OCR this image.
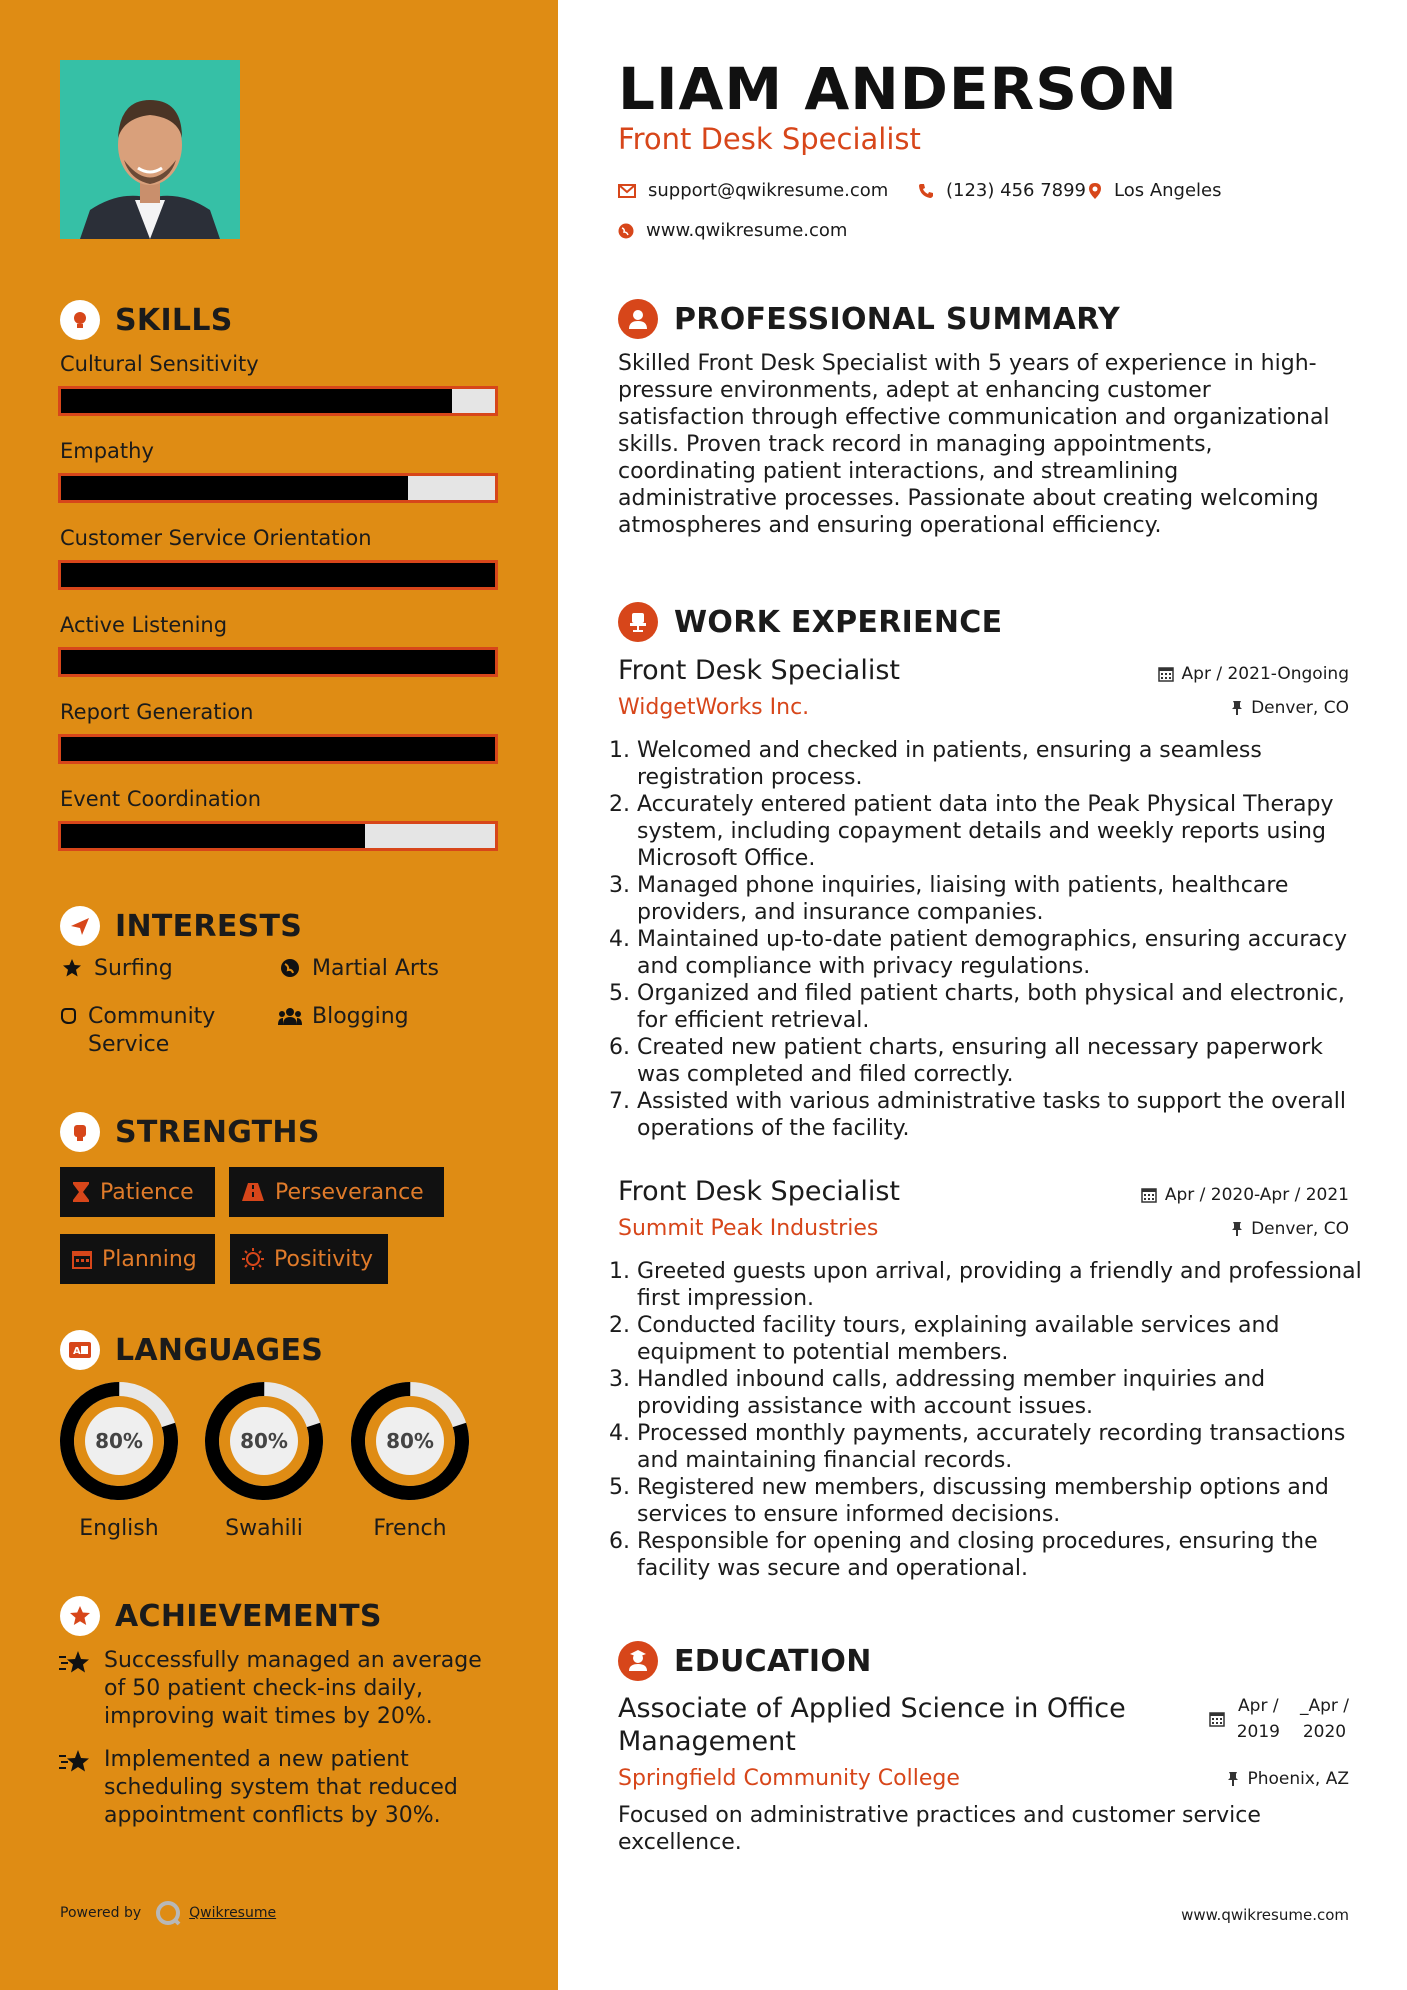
SKILLS
Cultural Sensitivity
Empathy
Customer Service Orientation
Active Listening
Report Generation
Event Coordination
INTERESTS
Surfing	Martial Arts
Community Service
Blogging
STRENGTHS
Patience	Perseverance
Planning	Positivity
A LANGUAGES
80%
English
80%
Swahili
80%
French
ACHIEVEMENTS
Successfully managed an average of 50 patient check-ins daily, improving wait times by 20%.
Implemented a new patient scheduling system that reduced appointment conflicts by 30%.
Powered by	Qwikresume
LIAM ANDERSON
Front Desk Specialist
support@qwikresume.com	(123) 456 7899 Los Angeles
www.qwikresume.com
PROFESSIONAL SUMMARY
Skilled Front Desk Specialist with 5 years of experience in high-pressure environments, adept at enhancing customer satisfaction through effective communication and organizational skills. Proven track record in managing appointments, coordinating patient interactions, and streamlining administrative processes. Passionate about creating welcoming atmospheres and ensuring operational efficiency.
WORK EXPERIENCE
Front Desk Specialist	Apr / 2021-Ongoing
WidgetWorks Inc.	Denver, CO
1. Welcomed and checked in patients, ensuring a seamless registration process.
2. Accurately entered patient data into the Peak Physical Therapy system, including copayment details and weekly reports using Microsoft Office.
3. Managed phone inquiries, liaising with patients, healthcare providers, and insurance companies.
4. Maintained up-to-date patient demographics, ensuring accuracy and compliance with privacy regulations.
5. Organized and filed patient charts, both physical and electronic, for efficient retrieval.
6. Created new patient charts, ensuring all necessary paperwork was completed and filed correctly.
7. Assisted with various administrative tasks to support the overall operations of the facility.
Front Desk Specialist	Apr / 2020-Apr / 2021
Summit Peak Industries	Denver, CO
1. Greeted guests upon arrival, providing a friendly and professional first impression.
2. Conducted facility tours, explaining available services and equipment to potential members.
3. Handled inbound calls, addressing member inquiries and providing assistance with account issues.
4. Processed monthly payments, accurately recording transactions and maintaining financial records.
5. Registered new members, discussing membership options and services to ensure informed decisions.
6. Responsible for opening and closing procedures, ensuring the facility was secure and operational.
EDUCATION
Associate of Applied Science in Office Management
Apr /
2019
_Apr /
2020
Springfield Community College	Phoenix, AZ
Focused on administrative practices and customer service excellence.
www.qwikresume.com
